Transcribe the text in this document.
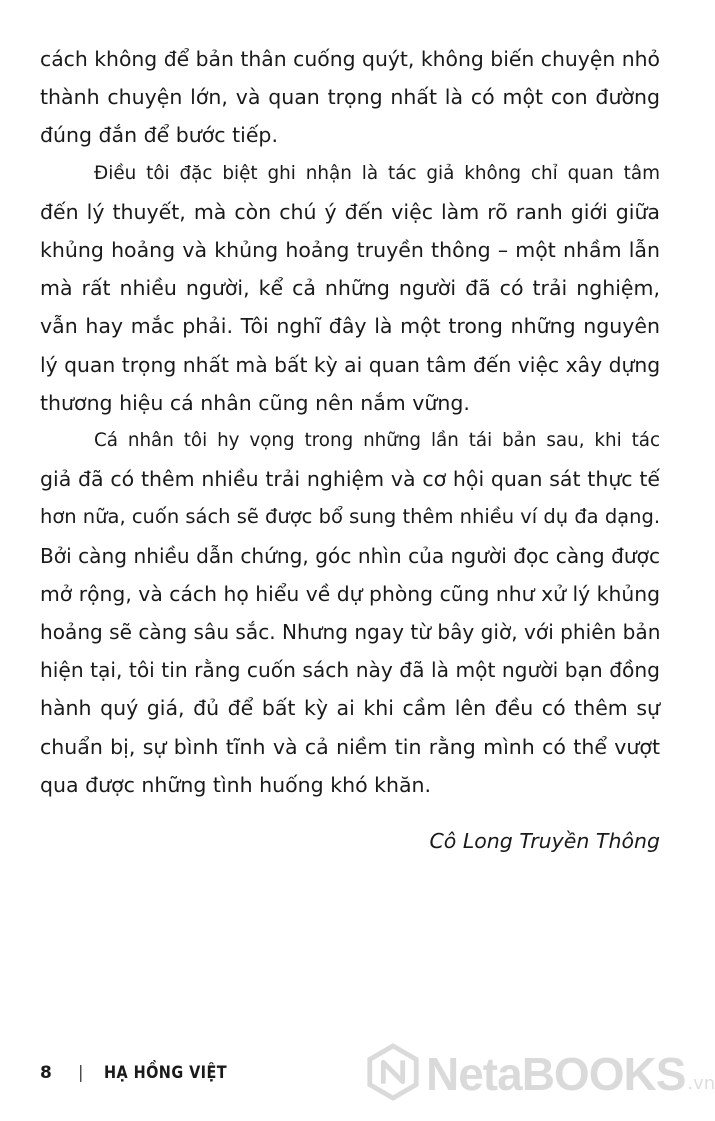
cách không để bản thân cuống quýt, không biến chuyện nhỏ
thành chuyện lớn, và quan trọng nhất là có một con đường
đúng đắn để bước tiếp.

Điều tôi đặc biệt ghi nhận là tác giả không chỉ quan tâm
đến lý thuyết, mà còn chú ý đến việc làm rõ ranh giới giữa
khủng hoảng và khủng hoảng truyền thông – một nhầm lẫn
mà rất nhiều người, kể cả những người đã có trải nghiệm,
vẫn hay mắc phải. Tôi nghĩ đây là một trong những nguyên
lý quan trọng nhất mà bất kỳ ai quan tâm đến việc xây dựng
thương hiệu cá nhân cũng nên nắm vững.

Cá nhân tôi hy vọng trong những lần tái bản sau, khi tác
giả đã có thêm nhiều trải nghiệm và cơ hội quan sát thực tế
hơn nữa, cuốn sách sẽ được bổ sung thêm nhiều ví dụ đa dạng.
Bởi càng nhiều dẫn chứng, góc nhìn của người đọc càng được
mở rộng, và cách họ hiểu về dự phòng cũng như xử lý khủng
hoảng sẽ càng sâu sắc. Nhưng ngay từ bây giờ, với phiên bản
hiện tại, tôi tin rằng cuốn sách này đã là một người bạn đồng
hành quý giá, đủ để bất kỳ ai khi cầm lên đều có thêm sự
chuẩn bị, sự bình tĩnh và cả niềm tin rằng mình có thể vượt
qua được những tình huống khó khăn.

Cô Long Truyền Thông
8 | HẠ HỒNG VIỆT	NetaBOOKS .vn
